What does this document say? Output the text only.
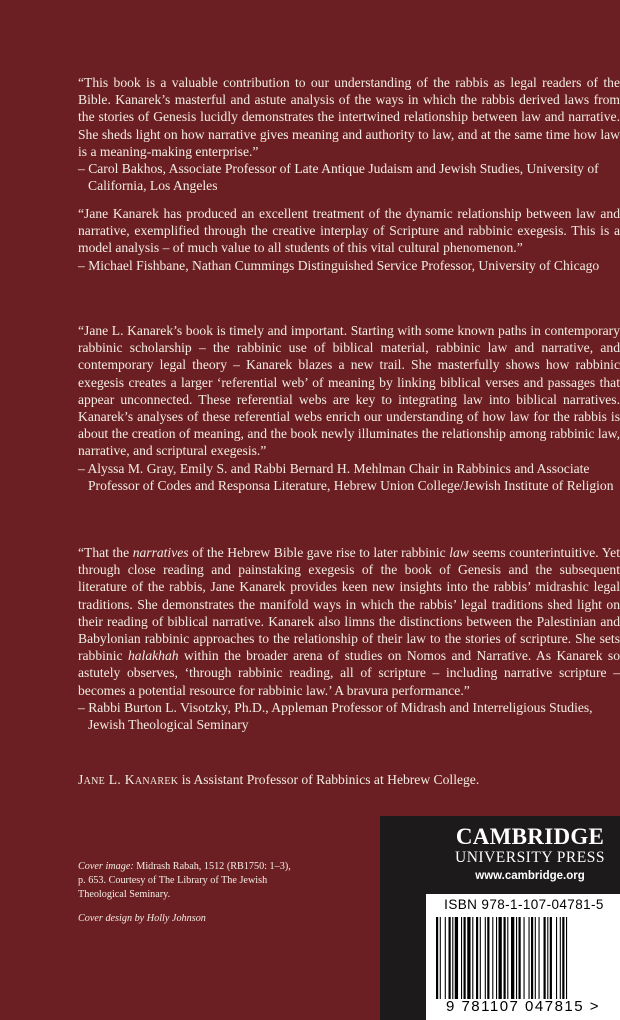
“This book is a valuable contribution to our understanding of the rabbis as legal readers of the Bible. Kanarek’s masterful and astute analysis of the ways in which the rabbis derived laws from the stories of Genesis lucidly demonstrates the intertwined relationship between law and narrative. She sheds light on how narrative gives meaning and authority to law, and at the same time how law is a meaning-making enterprise.”

– Carol Bakhos, Associate Professor of Late Antique Judaism and Jewish Studies, University of California, Los Angeles

“Jane Kanarek has produced an excellent treatment of the dynamic relationship between law and narrative, exemplified through the creative interplay of Scripture and rabbinic exegesis. This is a model analysis – of much value to all students of this vital cultural phenomenon.”

– Michael Fishbane, Nathan Cummings Distinguished Service Professor, University of Chicago

“Jane L. Kanarek’s book is timely and important. Starting with some known paths in contemporary rabbinic scholarship – the rabbinic use of biblical material, rabbinic law and narrative, and contemporary legal theory – Kanarek blazes a new trail. She masterfully shows how rabbinic exegesis creates a larger ‘referential web’ of meaning by linking biblical verses and passages that appear unconnected. These referential webs are key to integrating law into biblical narratives. Kanarek’s analyses of these referential webs enrich our understanding of how law for the rabbis is about the creation of meaning, and the book newly illuminates the relationship among rabbinic law, narrative, and scriptural exegesis.”

– Alyssa M. Gray, Emily S. and Rabbi Bernard H. Mehlman Chair in Rabbinics and Associate Professor of Codes and Responsa Literature, Hebrew Union College/Jewish Institute of Religion

“That the narratives of the Hebrew Bible gave rise to later rabbinic law seems counterintuitive. Yet through close reading and painstaking exegesis of the book of Genesis and the subsequent literature of the rabbis, Jane Kanarek provides keen new insights into the rabbis’ midrashic legal traditions. She demonstrates the manifold ways in which the rabbis’ legal traditions shed light on their reading of biblical narrative. Kanarek also limns the distinctions between the Palestinian and Babylonian rabbinic approaches to the relationship of their law to the stories of scripture. She sets rabbinic halakhah within the broader arena of studies on Nomos and Narrative. As Kanarek so astutely observes, ‘through rabbinic reading, all of scripture – including narrative scripture – becomes a potential resource for rabbinic law.’ A bravura performance.”

– Rabbi Burton L. Visotzky, Ph.D., Appleman Professor of Midrash and Interreligious Studies, Jewish Theological Seminary

Jane L. Kanarek is Assistant Professor of Rabbinics at Hebrew College.

Cover image: Midrash Rabah, 1512 (RB1750: 1–3), p. 653. Courtesy of The Library of The Jewish Theological Seminary.

Cover design by Holly Johnson

CAMBRIDGE
UNIVERSITY PRESS
www.cambridge.org
ISBN 978-1-107-04781-5
9 781107 047815 >
